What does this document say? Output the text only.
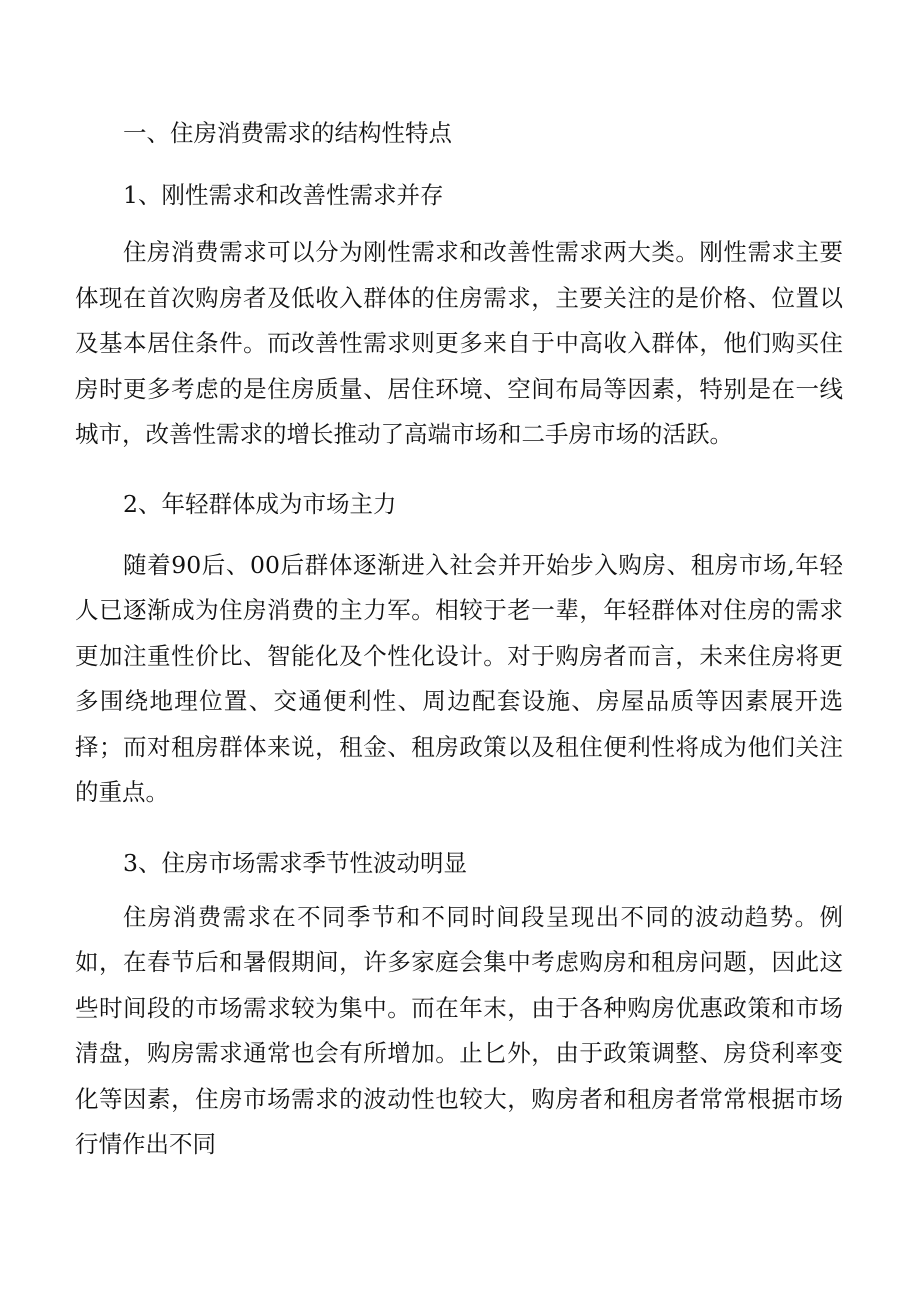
一、住房消费需求的结构性特点

1、刚性需求和改善性需求并存

住房消费需求可以分为刚性需求和改善性需求两大类。刚性需求主要体现在首次购房者及低收入群体的住房需求，主要关注的是价格、位置以及基本居住条件。而改善性需求则更多来自于中高收入群体，他们购买住房时更多考虑的是住房质量、居住环境、空间布局等因素，特别是在一线城市，改善性需求的增长推动了高端市场和二手房市场的活跃。

2、年轻群体成为市场主力

随着90后、00后群体逐渐进入社会并开始步入购房、租房市场,年轻人已逐渐成为住房消费的主力军。相较于老一辈，年轻群体对住房的需求更加注重性价比、智能化及个性化设计。对于购房者而言，未来住房将更多围绕地理位置、交通便利性、周边配套设施、房屋品质等因素展开选择；而对租房群体来说，租金、租房政策以及租住便利性将成为他们关注的重点。

3、住房市场需求季节性波动明显

住房消费需求在不同季节和不同时间段呈现出不同的波动趋势。例如，在春节后和暑假期间，许多家庭会集中考虑购房和租房问题，因此这些时间段的市场需求较为集中。而在年末，由于各种购房优惠政策和市场清盘，购房需求通常也会有所增加。止匕外，由于政策调整、房贷利率变化等因素，住房市场需求的波动性也较大，购房者和租房者常常根据市场行情作出不同
